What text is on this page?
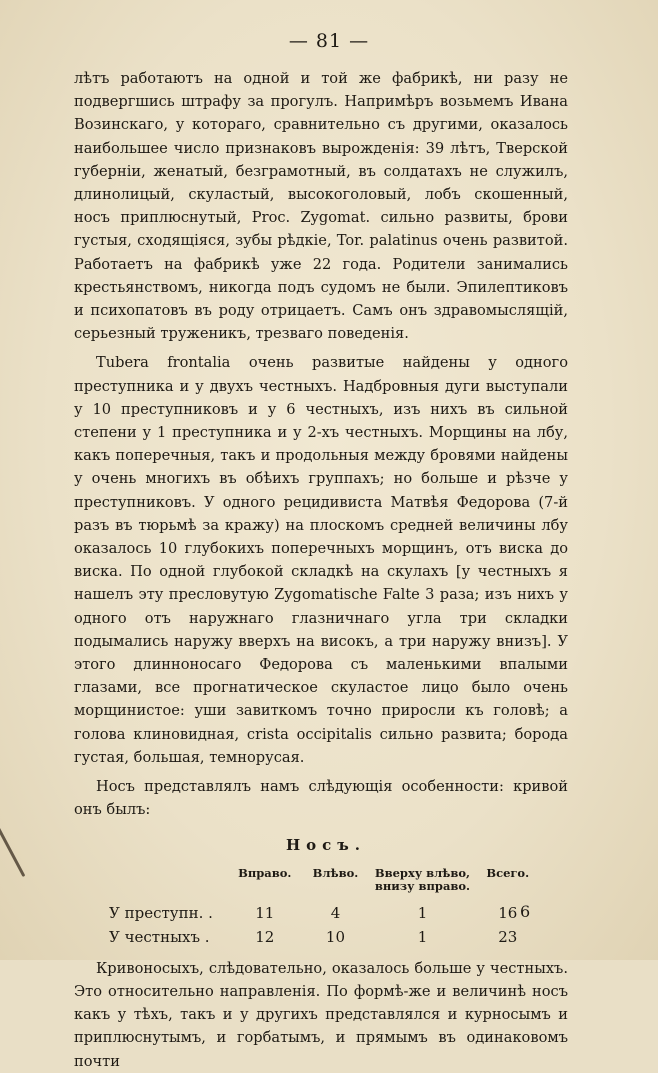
— 81 —

лѣтъ работаютъ на одной и той же фабрикѣ, ни разу не подвергшись штрафу за прогулъ. Напримѣръ возьмемъ Ивана Возинскаго, у котораго, сравнительно съ другими, оказалось наибольшее число признаковъ вырожденія: 39 лѣтъ, Тверской губерніи, женатый, безграмотный, въ солдатахъ не служилъ, длинолицый, скуластый, высокоголовый, лобъ скошенный, носъ приплюснутый, Proc. Zygomat. сильно развиты, брови густыя, сходящіяся, зубы рѣдкіе, Tor. palatinus очень развитой. Работаетъ на фабрикѣ уже 22 года. Родители занимались крестьянствомъ, никогда подъ судомъ не были. Эпилептиковъ и психопатовъ въ роду отрицаетъ. Самъ онъ здравомыслящій, серьезный труженикъ, трезваго поведенія.

Tubera frontalia очень развитые найдены у одного преступника и у двухъ честныхъ. Надбровныя дуги выступали у 10 преступниковъ и у 6 честныхъ, изъ нихъ въ сильной степени у 1 преступника и у 2-хъ честныхъ. Морщины на лбу, какъ поперечныя, такъ и продольныя между бровями найдены у очень многихъ въ обѣихъ группахъ; но больше и рѣзче у преступниковъ. У одного рецидивиста Матвѣя Федорова (7-й разъ въ тюрьмѣ за кражу) на плоскомъ средней величины лбу оказалось 10 глубокихъ поперечныхъ морщинъ, отъ виска до виска. По одной глубокой складкѣ на скулахъ [у честныхъ я нашелъ эту пресловутую Zygomatische Falte 3 раза; изъ нихъ у одного отъ наружнаго глазничнаго угла три складки подымались наружу вверхъ на високъ, а три наружу внизъ]. У этого длинноносаго Федорова съ маленькими впалыми глазами, все прогнатическое скуластое лицо было очень морщинистое: уши завиткомъ точно приросли къ головѣ; а голова клиновидная, crista occipitalis сильно развита; борода густая, большая, темнорусая.

Носъ представлялъ намъ слѣдующія особенности: кривой онъ былъ:

Носъ.
	Вправо.	Влѣво.	Вверху влѣво, внизу вправо.	Всего.
У преступн. .	11	4	1	16
У честныхъ .	12	10	1	23

Кривоносыхъ, слѣдовательно, оказалось больше у честныхъ. Это относительно направленія. По формѣ-же и величинѣ носъ какъ у тѣхъ, такъ и у другихъ представлялся и курносымъ и приплюснутымъ, и горбатымъ, и прямымъ въ одинаковомъ почти

6
